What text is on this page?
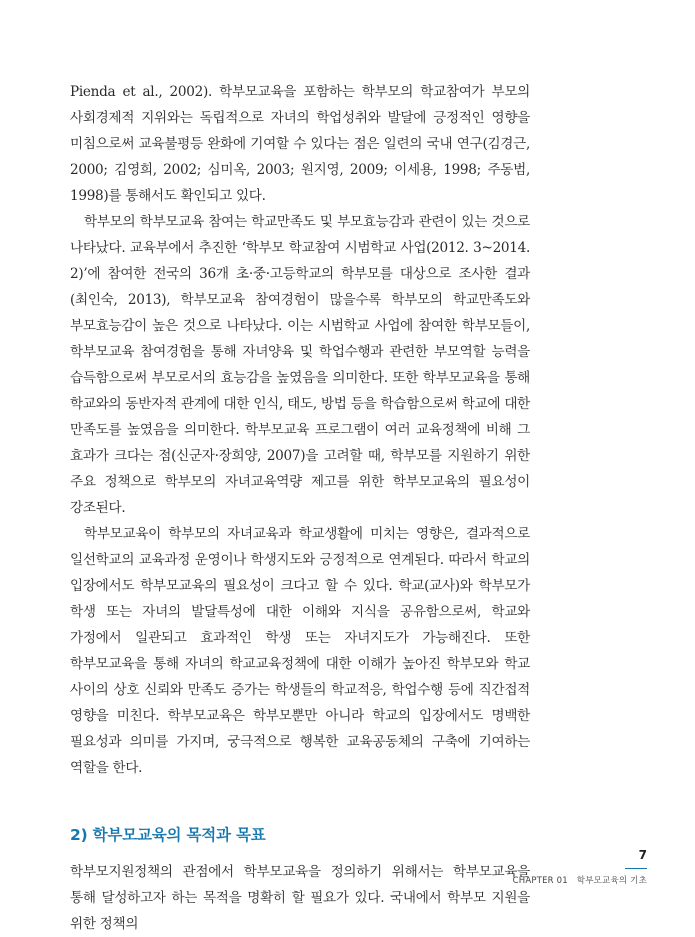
Pienda et al., 2002). 학부모교육을 포함하는 학부모의 학교참여가 부모의 사회경제적 지위와는 독립적으로 자녀의 학업성취와 발달에 긍정적인 영향을 미침으로써 교육불평등 완화에 기여할 수 있다는 점은 일련의 국내 연구(김경근, 2000; 김영희, 2002; 심미옥, 2003; 원지영, 2009; 이세용, 1998; 주동범, 1998)를 통해서도 확인되고 있다.

학부모의 학부모교육 참여는 학교만족도 및 부모효능감과 관련이 있는 것으로 나타났다. 교육부에서 추진한 ‘학부모 학교참여 시범학교 사업(2012. 3~2014. 2)’에 참여한 전국의 36개 초·중·고등학교의 학부모를 대상으로 조사한 결과(최인숙, 2013), 학부모교육 참여경험이 많을수록 학부모의 학교만족도와 부모효능감이 높은 것으로 나타났다. 이는 시범학교 사업에 참여한 학부모들이, 학부모교육 참여경험을 통해 자녀양육 및 학업수행과 관련한 부모역할 능력을 습득함으로써 부모로서의 효능감을 높였음을 의미한다. 또한 학부모교육을 통해 학교와의 동반자적 관계에 대한 인식, 태도, 방법 등을 학습함으로써 학교에 대한 만족도를 높였음을 의미한다. 학부모교육 프로그램이 여러 교육정책에 비해 그 효과가 크다는 점(신군자·장희양, 2007)을 고려할 때, 학부모를 지원하기 위한 주요 정책으로 학부모의 자녀교육역량 제고를 위한 학부모교육의 필요성이 강조된다.

학부모교육이 학부모의 자녀교육과 학교생활에 미치는 영향은, 결과적으로 일선학교의 교육과정 운영이나 학생지도와 긍정적으로 연계된다. 따라서 학교의 입장에서도 학부모교육의 필요성이 크다고 할 수 있다. 학교(교사)와 학부모가 학생 또는 자녀의 발달특성에 대한 이해와 지식을 공유함으로써, 학교와 가정에서 일관되고 효과적인 학생 또는 자녀지도가 가능해진다. 또한 학부모교육을 통해 자녀의 학교교육정책에 대한 이해가 높아진 학부모와 학교 사이의 상호 신뢰와 만족도 증가는 학생들의 학교적응, 학업수행 등에 직간접적 영향을 미친다. 학부모교육은 학부모뿐만 아니라 학교의 입장에서도 명백한 필요성과 의미를 가지며, 궁극적으로 행복한 교육공동체의 구축에 기여하는 역할을 한다.

2) 학부모교육의 목적과 목표

학부모지원정책의 관점에서 학부모교육을 정의하기 위해서는 학부모교육을 통해 달성하고자 하는 목적을 명확히 할 필요가 있다. 국내에서 학부모 지원을 위한 정책의

7
CHAPTER 01 학부모교육의 기초
